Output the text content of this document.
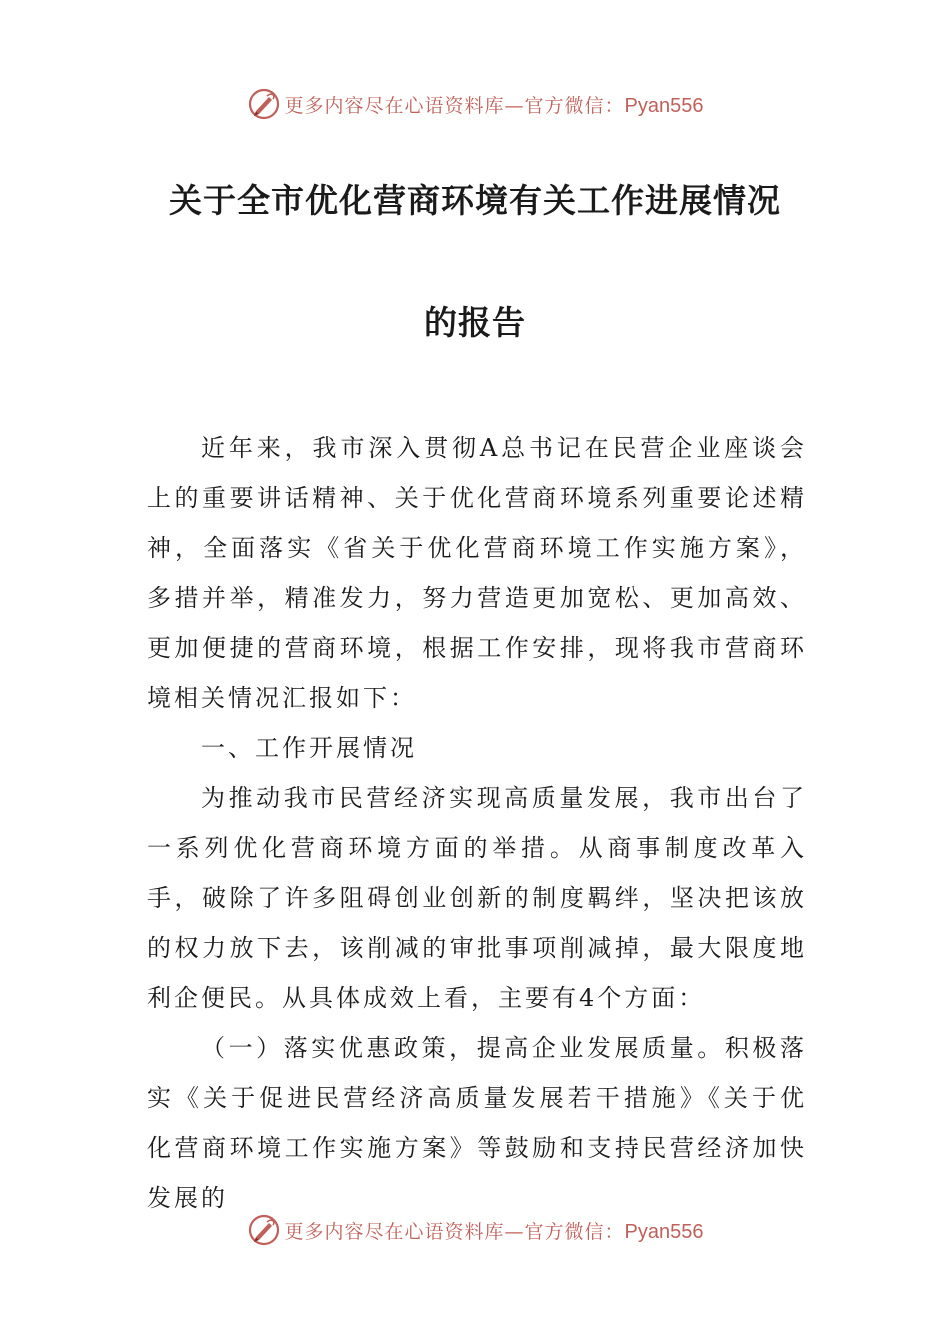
更多内容尽在心语资料库—官方微信：Pyan556
关于全市优化营商环境有关工作进展情况
的报告

近年来，我市深入贯彻A总书记在民营企业座谈会上的重要讲话精神、关于优化营商环境系列重要论述精神，全面落实《省关于优化营商环境工作实施方案》，多措并举，精准发力，努力营造更加宽松、更加高效、更加便捷的营商环境，根据工作安排，现将我市营商环境相关情况汇报如下：

一、工作开展情况

为推动我市民营经济实现高质量发展，我市出台了一系列优化营商环境方面的举措。从商事制度改革入手，破除了许多阻碍创业创新的制度羁绊，坚决把该放的权力放下去，该削减的审批事项削减掉，最大限度地利企便民。从具体成效上看，主要有4个方面：

（一）落实优惠政策，提高企业发展质量。积极落实《关于促进民营经济高质量发展若干措施》《关于优化营商环境工作实施方案》等鼓励和支持民营经济加快发展的

更多内容尽在心语资料库—官方微信：Pyan556
